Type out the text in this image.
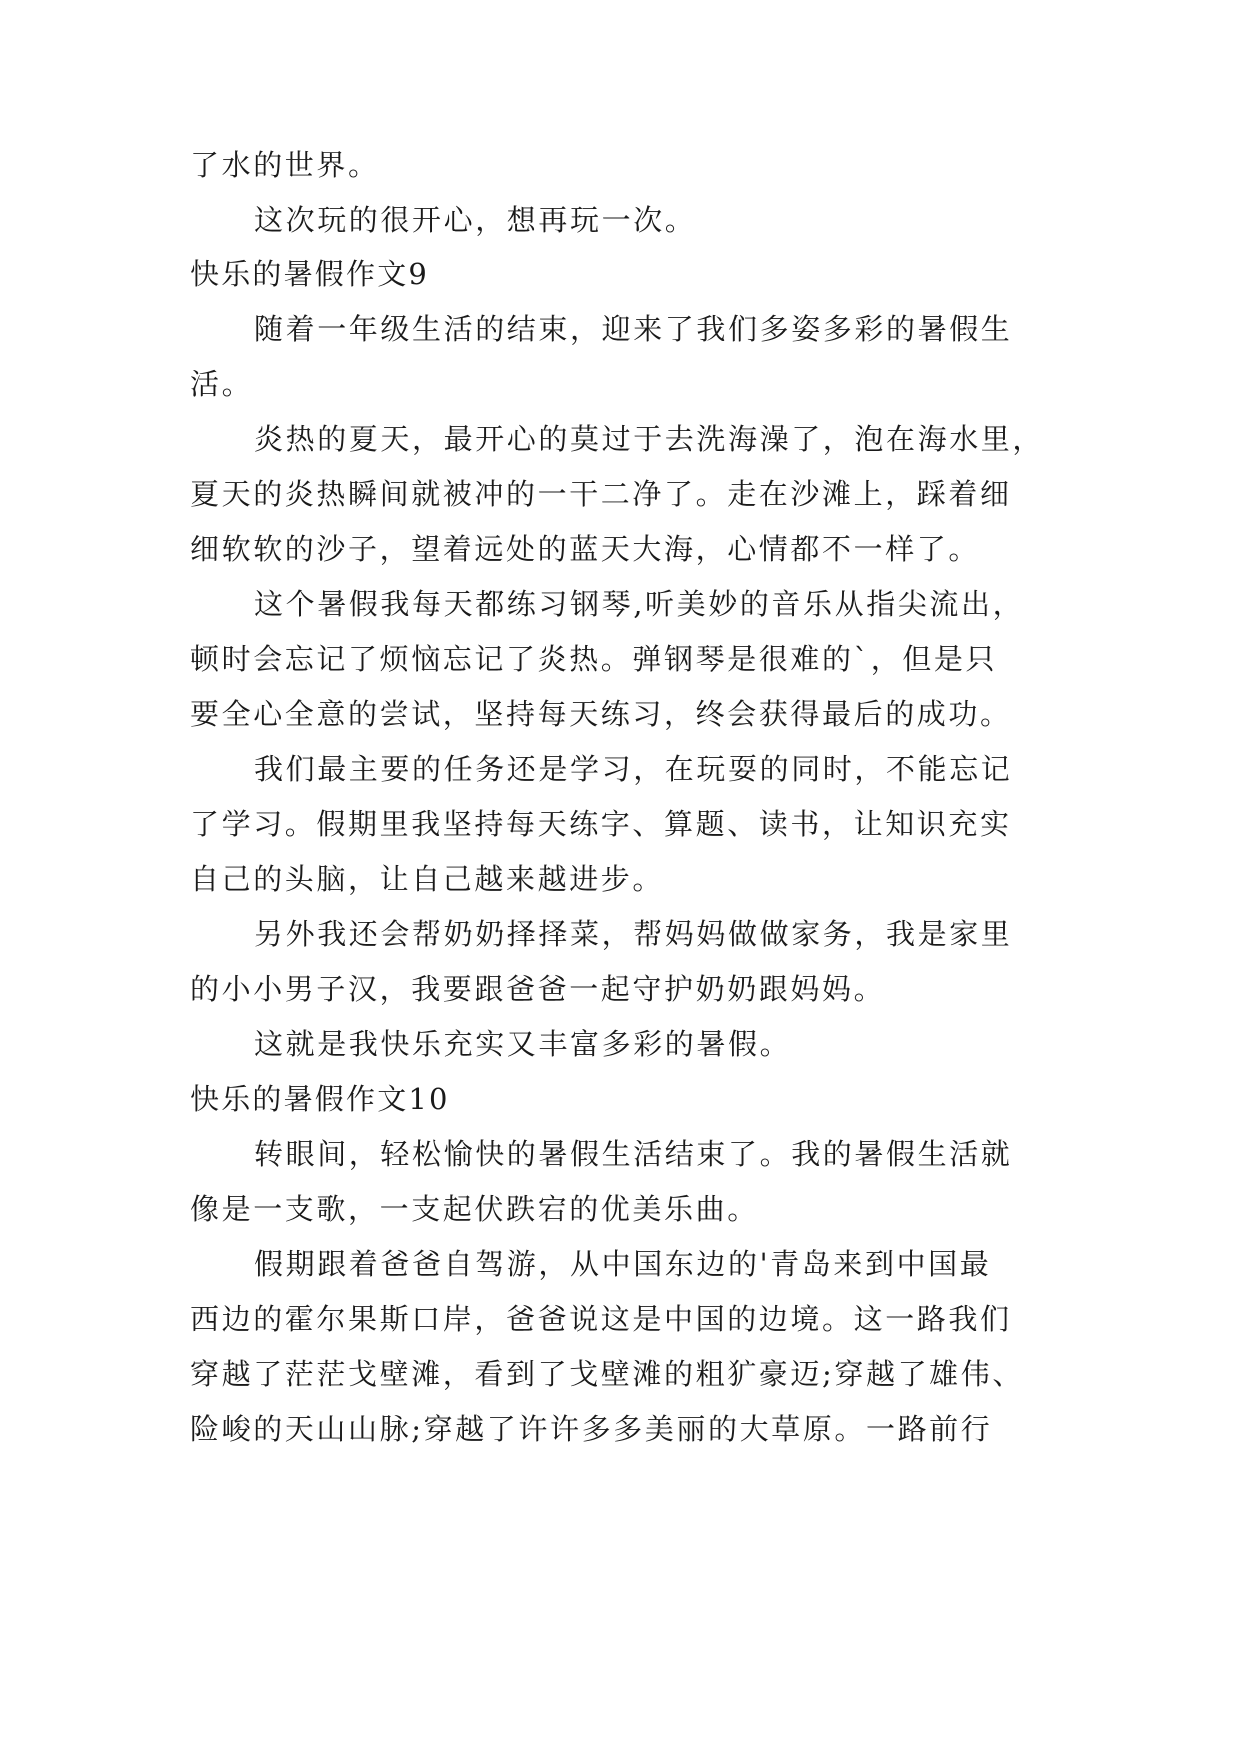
了水的世界。
这次玩的很开心，想再玩一次。
快乐的暑假作文9
随着一年级生活的结束，迎来了我们多姿多彩的暑假生
活。
炎热的夏天，最开心的莫过于去洗海澡了，泡在海水里，
夏天的炎热瞬间就被冲的一干二净了。走在沙滩上，踩着细
细软软的沙子，望着远处的蓝天大海，心情都不一样了。
这个暑假我每天都练习钢琴,听美妙的音乐从指尖流出，
顿时会忘记了烦恼忘记了炎热。弹钢琴是很难的`，但是只
要全心全意的尝试，坚持每天练习，终会获得最后的成功。
我们最主要的任务还是学习，在玩耍的同时，不能忘记
了学习。假期里我坚持每天练字、算题、读书，让知识充实
自己的头脑，让自己越来越进步。
另外我还会帮奶奶择择菜，帮妈妈做做家务，我是家里
的小小男子汉，我要跟爸爸一起守护奶奶跟妈妈。
这就是我快乐充实又丰富多彩的暑假。
快乐的暑假作文10
转眼间，轻松愉快的暑假生活结束了。我的暑假生活就
像是一支歌，一支起伏跌宕的优美乐曲。
假期跟着爸爸自驾游，从中国东边的'青岛来到中国最
西边的霍尔果斯口岸，爸爸说这是中国的边境。这一路我们
穿越了茫茫戈壁滩，看到了戈壁滩的粗犷豪迈;穿越了雄伟、
险峻的天山山脉;穿越了许许多多美丽的大草原。一路前行
